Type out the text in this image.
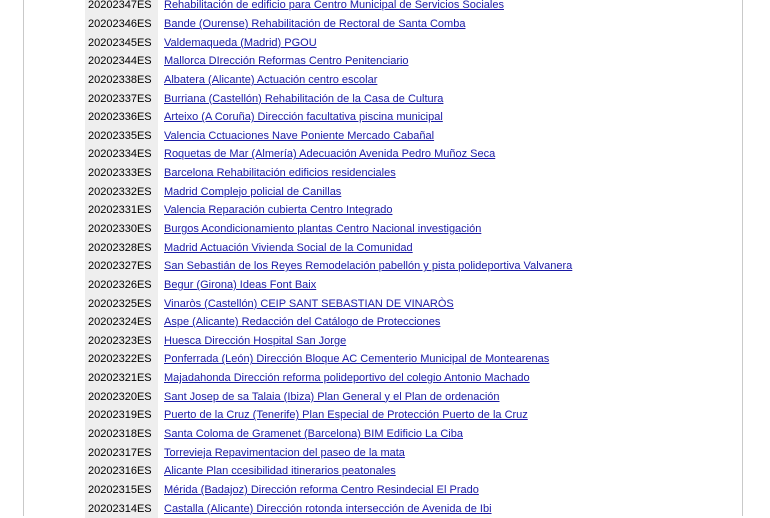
20202347ES	Rehabilitación de edificio para Centro Municipal de Servicios Sociales
20202346ES	Bande (Ourense) Rehabilitación de Rectoral de Santa Comba
20202345ES	Valdemaqueda (Madrid) PGOU
20202344ES	Mallorca DIrección Reformas Centro Penitenciario
20202338ES	Albatera (Alicante) Actuación centro escolar
20202337ES	Burriana (Castellón) Rehabilitación de la Casa de Cultura
20202336ES	Arteixo (A Coruña) Dirección facultativa piscina municipal
20202335ES	Valencia Cctuaciones Nave Poniente Mercado Cabañal
20202334ES	Roquetas de Mar (Almería) Adecuación Avenida Pedro Muñoz Seca
20202333ES	Barcelona Rehabilitación edificios residenciales
20202332ES	Madrid Complejo policial de Canillas
20202331ES	Valencia Reparación cubierta Centro Integrado
20202330ES	Burgos Acondicionamiento plantas Centro Nacional investigación
20202328ES	Madrid Actuación Vivienda Social de la Comunidad
20202327ES	San Sebastián de los Reyes Remodelación pabellón y pista polideportiva Valvanera
20202326ES	Begur (Girona) Ideas Font Baix
20202325ES	Vinaròs (Castellón) CEIP SANT SEBASTIAN DE VINARÒS
20202324ES	Aspe (Alicante) Redacción del Catálogo de Protecciones
20202323ES	Huesca Dirección Hospital San Jorge
20202322ES	Ponferrada (León) Dirección Bloque AC Cementerio Municipal de Montearenas
20202321ES	Majadahonda Dirección reforma polideportivo del colegio Antonio Machado
20202320ES	Sant Josep de sa Talaia (Ibiza) Plan General y el Plan de ordenación
20202319ES	Puerto de la Cruz (Tenerife) Plan Especial de Protección Puerto de la Cruz
20202318ES	Santa Coloma de Gramenet (Barcelona) BIM Edificio La Ciba
20202317ES	Torrevieja Repavimentacion del paseo de la mata
20202316ES	Alicante Plan ccesibilidad itinerarios peatonales
20202315ES	Mérida (Badajoz) Dirección reforma Centro Resindecial El Prado
20202314ES	Castalla (Alicante) Dirección rotonda intersección de Avenida de Ibi
